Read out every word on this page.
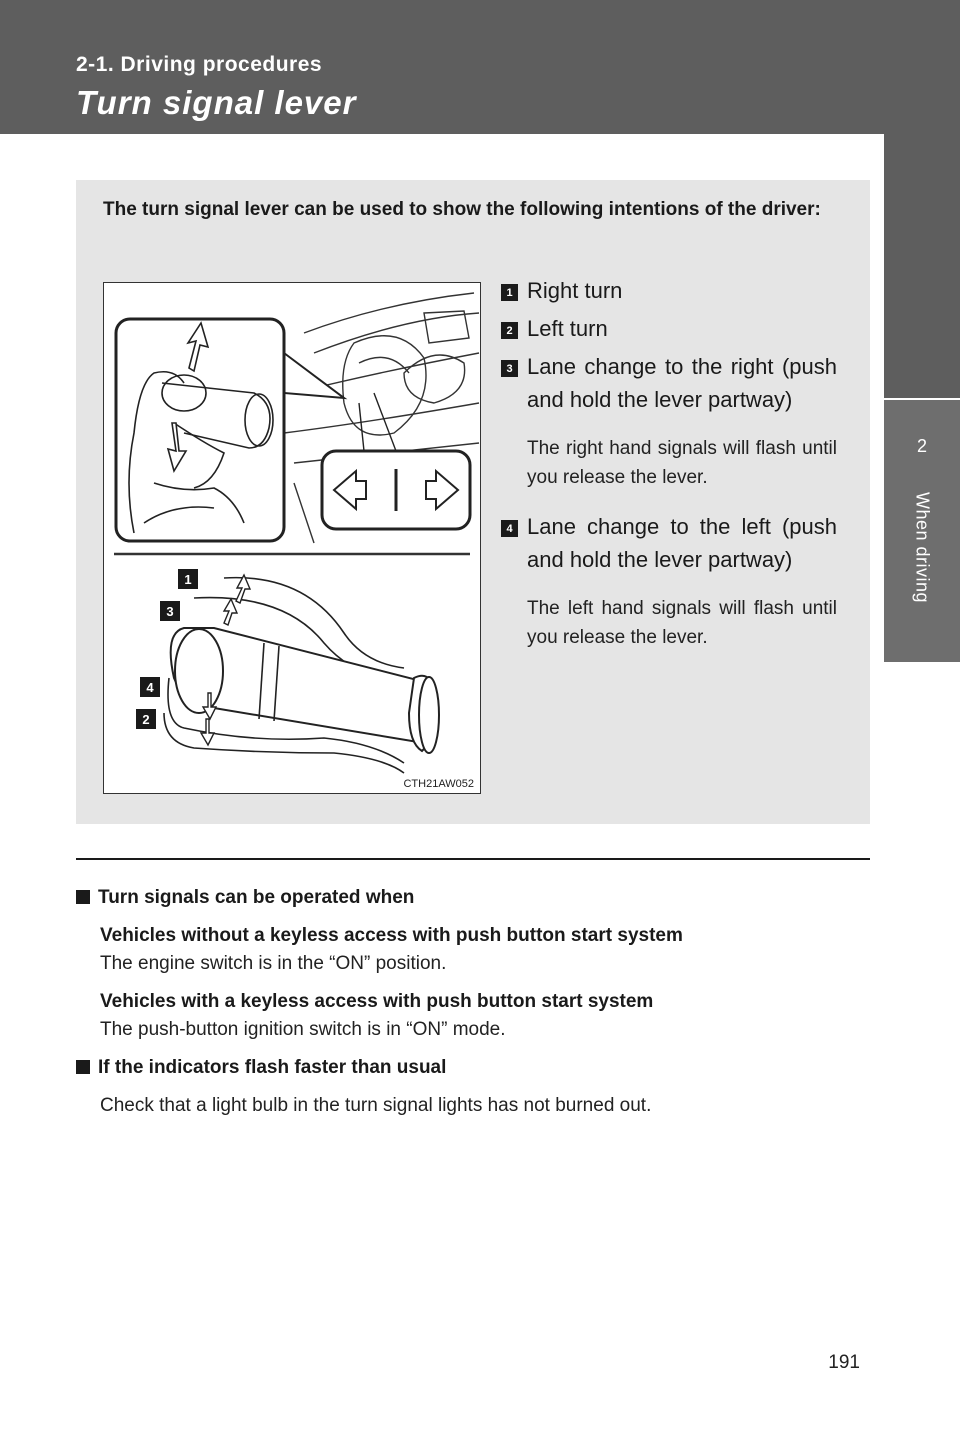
2-1. Driving procedures
Turn signal lever
2
When driving
The turn signal lever can be used to show the following intentions of the driver:
1
3
4
2
CTH21AW052
1 Right turn
2 Left turn
3 Lane change to the right (push and hold the lever partway)
The right hand signals will flash until you release the lever.
4 Lane change to the left (push and hold the lever partway)
The left hand signals will flash until you release the lever.
Turn signals can be operated when
Vehicles without a keyless access with push button start system
The engine switch is in the “ON” position.
Vehicles with a keyless access with push button start system
The push-button ignition switch is in “ON” mode.
If the indicators flash faster than usual
Check that a light bulb in the turn signal lights has not burned out.
191
